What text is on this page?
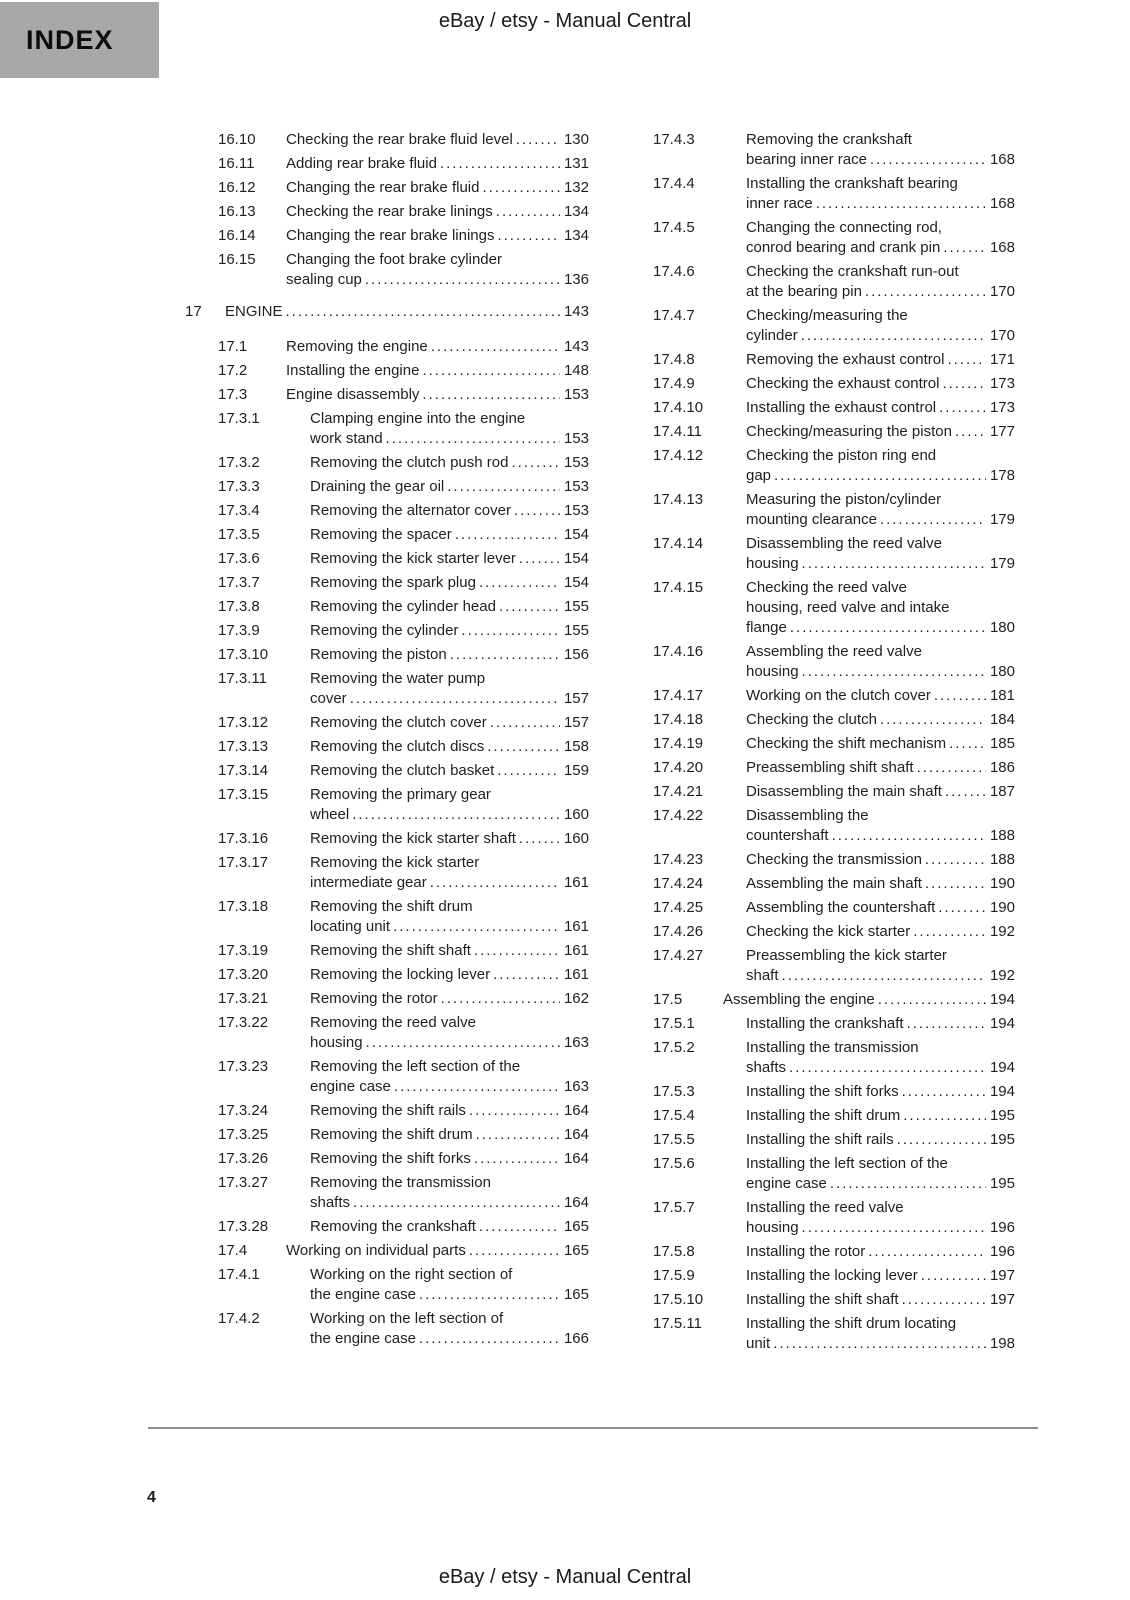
INDEX
eBay / etsy - Manual Central
16.10 Checking the rear brake fluid level .....	130
16.11 Adding rear brake fluid .....	131
16.12 Changing the rear brake fluid .....	132
16.13 Checking the rear brake linings .....	134
16.14 Changing the rear brake linings .....	134
16.15 Changing the foot brake cylinder
sealing cup .....	136
17 ENGINE .....	143
17.1	Removing the engine .....	143
17.2	Installing the engine .....	148
17.3	Engine disassembly .....	153
17.3.1	Clamping engine into the engine
work stand .....	153
17.3.2	Removing the clutch push rod .....	153
17.3.3	Draining the gear oil .....	153
17.3.4	Removing the alternator cover .....	153
17.3.5	Removing the spacer .....	154
17.3.6	Removing the kick starter lever .....	154
17.3.7	Removing the spark plug .....	154
17.3.8	Removing the cylinder head .....	155
17.3.9	Removing the cylinder .....	155
17.3.10	Removing the piston .....	156
17.3.11	Removing the water pump
cover .....	157
17.3.12	Removing the clutch cover .....	157
17.3.13	Removing the clutch discs .....	158
17.3.14	Removing the clutch basket .....	159
17.3.15	Removing the primary gear
wheel .....	160
17.3.16	Removing the kick starter shaft .....	160
17.3.17	Removing the kick starter
intermediate gear .....	161
17.3.18	Removing the shift drum
locating unit .....	161
17.3.19	Removing the shift shaft .....	161
17.3.20	Removing the locking lever .....	161
17.3.21	Removing the rotor .....	162
17.3.22	Removing the reed valve
housing .....	163
17.3.23	Removing the left section of the
engine case .....	163
17.3.24	Removing the shift rails .....	164
17.3.25	Removing the shift drum .....	164
17.3.26	Removing the shift forks .....	164
17.3.27	Removing the transmission
shafts .....	164
17.3.28	Removing the crankshaft .....	165
17.4	Working on individual parts .....	165
17.4.1	Working on the right section of
the engine case .....	165
17.4.2	Working on the left section of
the engine case .....	166
17.4.3	Removing the crankshaft
bearing inner race .....	168
17.4.4	Installing the crankshaft bearing
inner race .....	168
17.4.5	Changing the connecting rod,
conrod bearing and crank pin .....	168
17.4.6	Checking the crankshaft run-out
at the bearing pin .....	170
17.4.7	Checking/measuring the
cylinder .....	170
17.4.8	Removing the exhaust control .....	171
17.4.9	Checking the exhaust control .....	173
17.4.10	Installing the exhaust control .....	173
17.4.11	Checking/measuring the piston .....	177
17.4.12	Checking the piston ring end
gap .....	178
17.4.13	Measuring the piston/cylinder
mounting clearance .....	179
17.4.14	Disassembling the reed valve
housing .....	179
17.4.15	Checking the reed valve
housing, reed valve and intake
flange .....	180
17.4.16	Assembling the reed valve
housing .....	180
17.4.17	Working on the clutch cover .....	181
17.4.18	Checking the clutch .....	184
17.4.19	Checking the shift mechanism .....	185
17.4.20	Preassembling shift shaft .....	186
17.4.21	Disassembling the main shaft .....	187
17.4.22	Disassembling the
countershaft .....	188
17.4.23	Checking the transmission .....	188
17.4.24	Assembling the main shaft .....	190
17.4.25	Assembling the countershaft .....	190
17.4.26	Checking the kick starter .....	192
17.4.27	Preassembling the kick starter
shaft .....	192
17.5	Assembling the engine .....	194
17.5.1	Installing the crankshaft .....	194
17.5.2	Installing the transmission
shafts .....	194
17.5.3	Installing the shift forks .....	194
17.5.4	Installing the shift drum .....	195
17.5.5	Installing the shift rails .....	195
17.5.6	Installing the left section of the
engine case .....	195
17.5.7	Installing the reed valve
housing .....	196
17.5.8	Installing the rotor .....	196
17.5.9	Installing the locking lever .....	197
17.5.10	Installing the shift shaft .....	197
17.5.11	Installing the shift drum locating
unit .....	198
4
eBay / etsy - Manual Central
